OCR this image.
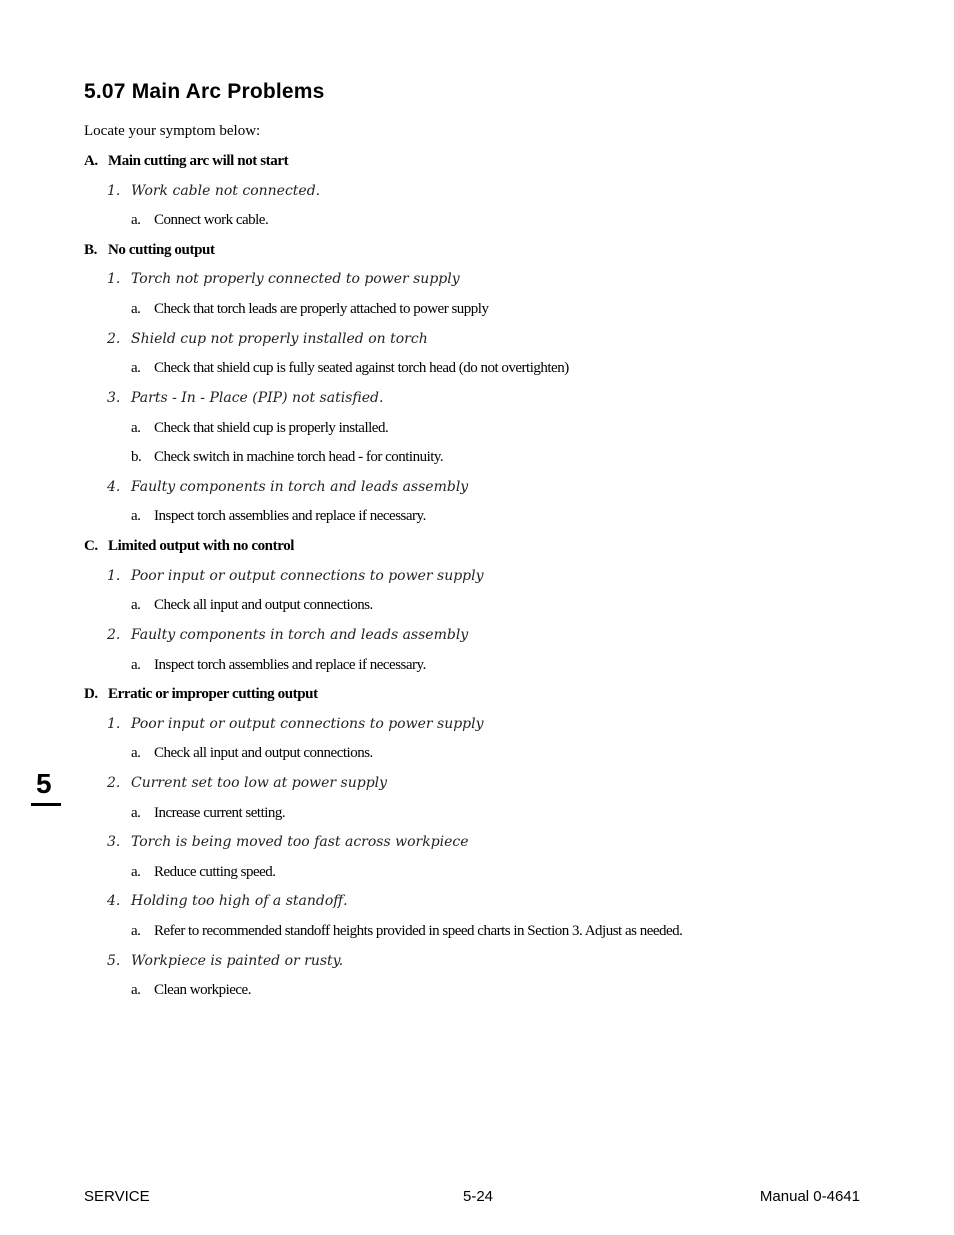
5.07 Main Arc Problems
Locate your symptom below:
A. Main cutting arc will not start
1. Work cable not connected.
a. Connect work cable.
B. No cutting output
1. Torch not properly connected to power supply
a. Check that torch leads are properly attached to power supply
2. Shield cup not properly installed on torch
a. Check that shield cup is fully seated against torch head (do not overtighten)
3. Parts - In - Place (PIP) not satisfied.
a. Check that shield cup is properly installed.
b. Check switch in machine torch head - for continuity.
4. Faulty components in torch and leads assembly
a. Inspect torch assemblies and replace if necessary.
C. Limited output with no control
1. Poor input or output connections to power supply
a. Check all input and output connections.
2. Faulty components in torch and leads assembly
a. Inspect torch assemblies and replace if necessary.
D. Erratic or improper cutting output
1. Poor input or output connections to power supply
a. Check all input and output connections.
2. Current set too low at power supply
a. Increase current setting.
3. Torch is being moved too fast across workpiece
a. Reduce cutting speed.
4. Holding too high of a standoff.
a. Refer to recommended standoff heights provided in speed charts in Section 3. Adjust as needed.
5. Workpiece is painted or rusty.
a. Clean workpiece.
5
SERVICE	5-24	Manual 0-4641
